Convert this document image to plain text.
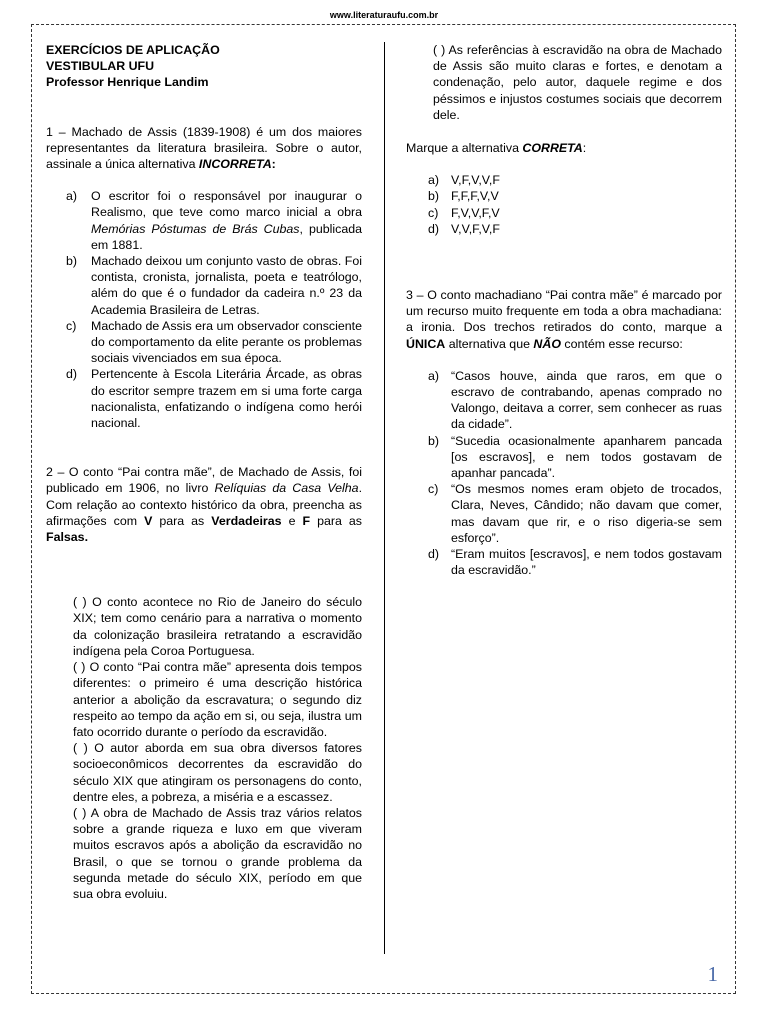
www.literaturaufu.com.br

EXERCÍCIOS DE APLICAÇÃO

VESTIBULAR UFU

Professor Henrique Landim

1 – Machado de Assis (1839-1908) é um dos maiores representantes da literatura brasileira. Sobre o autor, assinale a única alternativa INCORRETA:

a)	O escritor foi o responsável por inaugurar o Realismo, que teve como marco inicial a obra Memórias Póstumas de Brás Cubas, publicada em 1881.
b)	Machado deixou um conjunto vasto de obras. Foi contista, cronista, jornalista, poeta e teatrólogo, além do que é o fundador da cadeira n.º 23 da Academia Brasileira de Letras.
c)	Machado de Assis era um observador consciente do comportamento da elite perante os problemas sociais vivenciados em sua época.
d)	Pertencente à Escola Literária Árcade, as obras do escritor sempre trazem em si uma forte carga nacionalista, enfatizando o indígena como herói nacional.

2 – O conto “Pai contra mãe”, de Machado de Assis, foi publicado em 1906, no livro Relíquias da Casa Velha. Com relação ao contexto histórico da obra, preencha as afirmações com V para as Verdadeiras e F para as Falsas.

( ) O conto acontece no Rio de Janeiro do século XIX; tem como cenário para a narrativa o momento da colonização brasileira retratando a escravidão indígena pela Coroa Portuguesa.

( ) O conto “Pai contra mãe” apresenta dois tempos diferentes: o primeiro é uma descrição histórica anterior a abolição da escravatura; o segundo diz respeito ao tempo da ação em si, ou seja, ilustra um fato ocorrido durante o período da escravidão.

( ) O autor aborda em sua obra diversos fatores socioeconômicos decorrentes da escravidão do século XIX que atingiram os personagens do conto, dentre eles, a pobreza, a miséria e a escassez.

( ) A obra de Machado de Assis traz vários relatos sobre a grande riqueza e luxo em que viveram muitos escravos após a abolição da escravidão no Brasil, o que se tornou o grande problema da segunda metade do século XIX, período em que sua obra evoluiu.

( ) As referências à escravidão na obra de Machado de Assis são muito claras e fortes, e denotam a condenação, pelo autor, daquele regime e dos péssimos e injustos costumes sociais que decorrem dele.

Marque a alternativa CORRETA:

a) V,F,V,V,F
b) F,F,F,V,V
c)	F,V,V,F,V
d) V,V,F,V,F

3 – O conto machadiano “Pai contra mãe” é marcado por um recurso muito frequente em toda a obra machadiana: a ironia. Dos trechos retirados do conto, marque a ÚNICA alternativa que NÃO contém esse recurso:

a) “Casos houve, ainda que raros, em que o escravo de contrabando, apenas comprado no Valongo, deitava a correr, sem conhecer as ruas da cidade”.
b) “Sucedia ocasionalmente apanharem pancada [os escravos], e nem todos gostavam de apanhar pancada”.
c)	“Os mesmos nomes eram objeto de trocados, Clara, Neves, Cândido; não davam que comer, mas davam que rir, e o riso digeria-se sem esforço”.
d) “Eram muitos [escravos], e nem todos gostavam da escravidão.”
1
